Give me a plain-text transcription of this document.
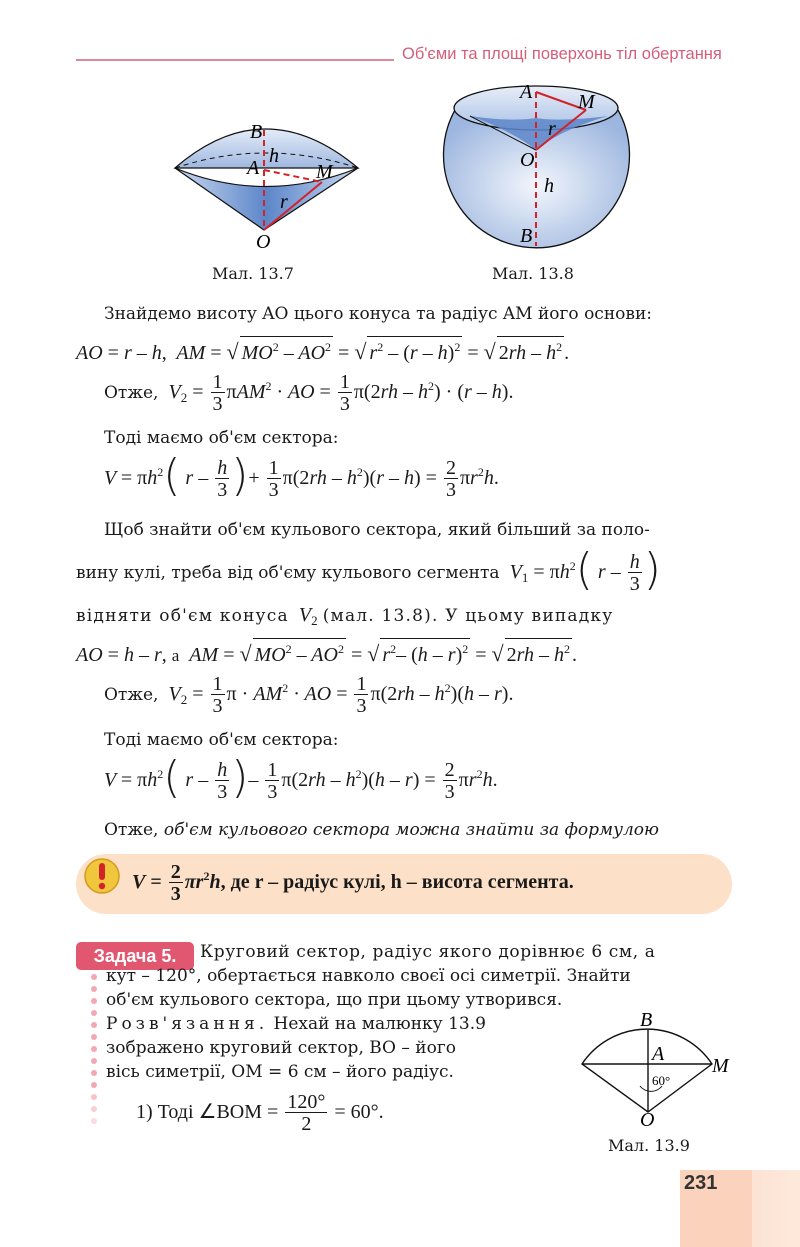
Об'єми та площі поверхонь тіл обертання
B
A
h
M
r
O
Мал. 13.7
A M
r
O
h
B
Мал. 13.8
Знайдемо висоту AO цього конуса та радіус AM його основи:
AO = r – h,  AM = √ $MO^2 - AO^2$ = √ $r^2 - (r - h)^2$ = √ $2rh - h^2$ .
Отже,  $V_2 = \frac{1}{3} \pi AM^2$ · AO = $\frac{1}{3} \pi(2rh - h^2) \cdot (r - h)$.
Тоді маємо об'єм сектора:
$V = \pi h^2$( r – $\frac{h}{3}$ )+ $\frac{1}{3} \pi(2rh - h^2)(r - h) = \frac{2}{3} \pi r^2h$.
Щоб знайти об'єм кульового сектора, який більший за поло-
вину кулі, треба від об'єму кульового сегмента  $V_1 = \pi h^2$( r – $\frac{h}{3}$ )
відняти об'єм конуса  $V_2$ (мал. 13.8). У цьому випадку
AO = h – r, а  AM = √ $MO^2 - AO^2$ = √ $r^2-$ (h – r)$^2$ = √ $2rh - h^2$ .
Отже,  $V_2 = \frac{1}{3}$ $\pi \cdot AM^2$ · AO = $\frac{1}{3} \pi(2rh - h^2)(h - r)$.
Тоді маємо об'єм сектора:
$V = \pi h^2$( r – $\frac{h}{3}$ )– $\frac{1}{3} \pi(2rh - h^2)(h - r) = \frac{2}{3} \pi r^2h$.
Отже, об'єм кульового сектора можна знайти за формулою
$V = \frac{2}{3} \pi r^2h$, де r – радіус кулі, h – висота сегмента.
Задача 5.	Круговий сектор, радіус якого дорівнює 6 см, а
кут – 120°, обертається навколо своєї осі симетрії. Знайти
об'єм кульового сектора, що при цьому утворився.
Розв'язання. Нехай на малюнку 13.9
зображено круговий сектор, BO – його
вісь симетрії, OM = 6 см – його радіус.
1) Тоді ∠BOM = $\frac{120^\circ}{2} = 60^\circ$.
B
A
M
O
60°
Мал. 13.9
231
